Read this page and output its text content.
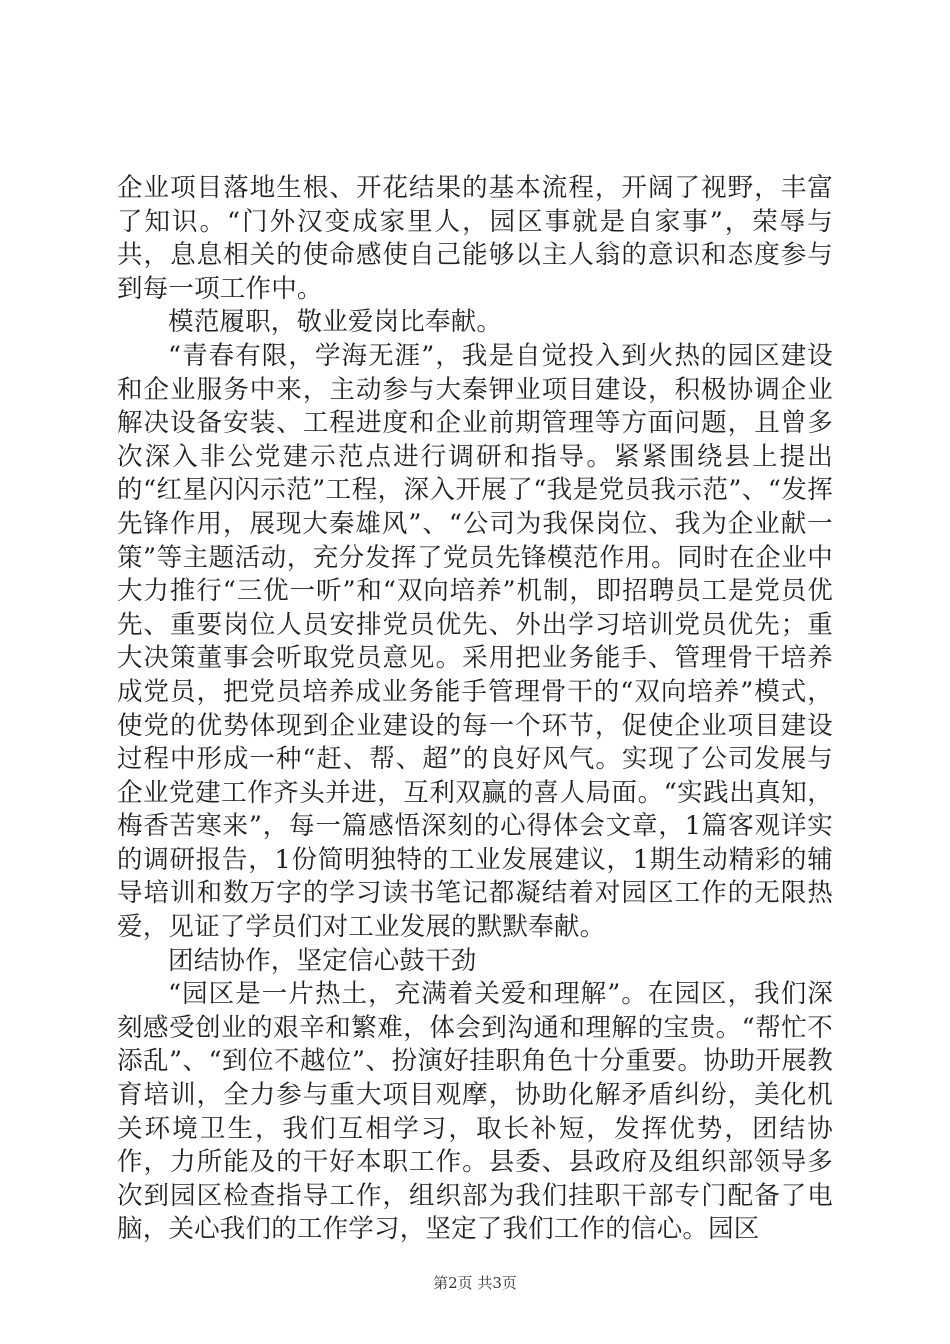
企业项目落地生根、开花结果的基本流程，开阔了视野，丰富了知识。“门外汉变成家里人，园区事就是自家事”，荣辱与共，息息相关的使命感使自己能够以主人翁的意识和态度参与到每一项工作中。

模范履职，敬业爱岗比奉献。

“青春有限，学海无涯”，我是自觉投入到火热的园区建设和企业服务中来，主动参与大秦钾业项目建设，积极协调企业解决设备安装、工程进度和企业前期管理等方面问题，且曾多次深入非公党建示范点进行调研和指导。紧紧围绕县上提出的“红星闪闪示范”工程，深入开展了“我是党员我示范”、“发挥先锋作用，展现大秦雄风”、“公司为我保岗位、我为企业献一策”等主题活动，充分发挥了党员先锋模范作用。同时在企业中大力推行“三优一听”和“双向培养”机制，即招聘员工是党员优先、重要岗位人员安排党员优先、外出学习培训党员优先；重大决策董事会听取党员意见。采用把业务能手、管理骨干培养成党员，把党员培养成业务能手管理骨干的“双向培养”模式，使党的优势体现到企业建设的每一个环节，促使企业项目建设过程中形成一种“赶、帮、超”的良好风气。实现了公司发展与企业党建工作齐头并进，互利双赢的喜人局面。“实践出真知，梅香苦寒来”，每一篇感悟深刻的心得体会文章，1篇客观详实的调研报告，1份简明独特的工业发展建议，1期生动精彩的辅导培训和数万字的学习读书笔记都凝结着对园区工作的无限热爱，见证了学员们对工业发展的默默奉献。

团结协作，坚定信心鼓干劲

“园区是一片热土，充满着关爱和理解”。在园区，我们深刻感受创业的艰辛和繁难，体会到沟通和理解的宝贵。“帮忙不添乱”、“到位不越位”、扮演好挂职角色十分重要。协助开展教育培训，全力参与重大项目观摩，协助化解矛盾纠纷，美化机关环境卫生，我们互相学习，取长补短，发挥优势，团结协作，力所能及的干好本职工作。县委、县政府及组织部领导多次到园区检查指导工作，组织部为我们挂职干部专门配备了电脑，关心我们的工作学习，坚定了我们工作的信心。园区

第2页 共3页
